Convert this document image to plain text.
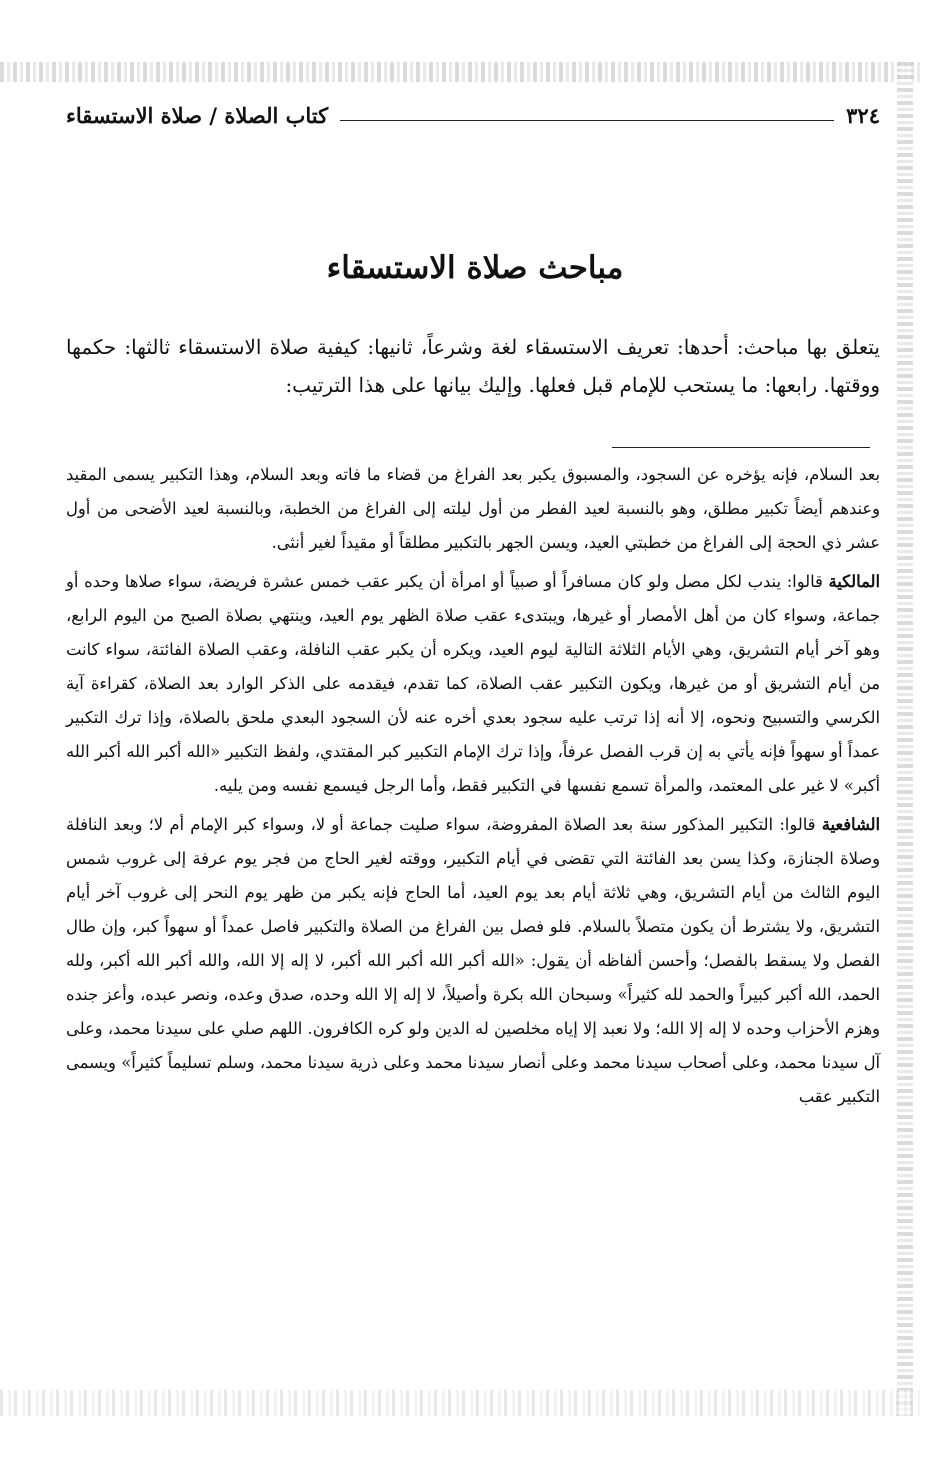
٣٢٤
كتاب الصلاة / صلاة الاستسقاء
مباحث صلاة الاستسقاء

يتعلق بها مباحث: أحدها: تعريف الاستسقاء لغة وشرعاً، ثانيها: كيفية صلاة الاستسقاء ثالثها: حكمها ووقتها. رابعها: ما يستحب للإمام قبل فعلها. وإليك بيانها على هذا الترتيب:

بعد السلام، فإنه يؤخره عن السجود، والمسبوق يكبر بعد الفراغ من قضاء ما فاته وبعد السلام، وهذا التكبير يسمى المقيد وعندهم أيضاً تكبير مطلق، وهو بالنسبة لعيد الفطر من أول ليلته إلى الفراغ من الخطبة، وبالنسبة لعيد الأضحى من أول عشر ذي الحجة إلى الفراغ من خطبتي العيد، ويسن الجهر بالتكبير مطلقاً أو مقيداً لغير أنثى.

المالكية قالوا: يندب لكل مصل ولو كان مسافراً أو صبياً أو امرأة أن يكبر عقب خمس عشرة فريضة، سواء صلاها وحده أو جماعة، وسواء كان من أهل الأمصار أو غيرها، ويبتدىء عقب صلاة الظهر يوم العيد، وينتهي بصلاة الصبح من اليوم الرابع، وهو آخر أيام التشريق، وهي الأيام الثلاثة التالية ليوم العيد، ويكره أن يكبر عقب النافلة، وعقب الصلاة الفائتة، سواء كانت من أيام التشريق أو من غيرها، ويكون التكبير عقب الصلاة، كما تقدم، فيقدمه على الذكر الوارد بعد الصلاة، كقراءة آية الكرسي والتسبيح ونحوه، إلا أنه إذا ترتب عليه سجود بعدي أخره عنه لأن السجود البعدي ملحق بالصلاة، وإذا ترك التكبير عمداً أو سهواً فإنه يأتي به إن قرب الفصل عرفاً، وإذا ترك الإمام التكبير كبر المقتدي، ولفظ التكبير «الله أكبر الله أكبر الله أكبر» لا غير على المعتمد، والمرأة تسمع نفسها في التكبير فقط، وأما الرجل فيسمع نفسه ومن يليه.

الشافعية قالوا: التكبير المذكور سنة بعد الصلاة المفروضة، سواء صليت جماعة أو لا، وسواء كبر الإمام أم لا؛ وبعد النافلة وصلاة الجنازة، وكذا يسن بعد الفائتة التي تقضى في أيام التكبير، ووقته لغير الحاج من فجر يوم عرفة إلى غروب شمس اليوم الثالث من أيام التشريق، وهي ثلاثة أيام بعد يوم العيد، أما الحاج فإنه يكبر من ظهر يوم النحر إلى غروب آخر أيام التشريق، ولا يشترط أن يكون متصلاً بالسلام. فلو فصل بين الفراغ من الصلاة والتكبير فاصل عمداً أو سهواً كبر، وإن طال الفصل ولا يسقط بالفصل؛ وأحسن ألفاظه أن يقول: «الله أكبر الله أكبر الله أكبر، لا إله إلا الله، والله أكبر الله أكبر، ولله الحمد، الله أكبر كبيراً والحمد لله كثيراً» وسبحان الله بكرة وأصيلاً، لا إله إلا الله وحده، صدق وعده، ونصر عبده، وأعز جنده وهزم الأحزاب وحده لا إله إلا الله؛ ولا نعبد إلا إياه مخلصين له الدين ولو كره الكافرون. اللهم صلي على سيدنا محمد، وعلى آل سيدنا محمد، وعلى أصحاب سيدنا محمد وعلى أنصار سيدنا محمد وعلى ذرية سيدنا محمد، وسلم تسليماً كثيراً» ويسمى التكبير عقب
